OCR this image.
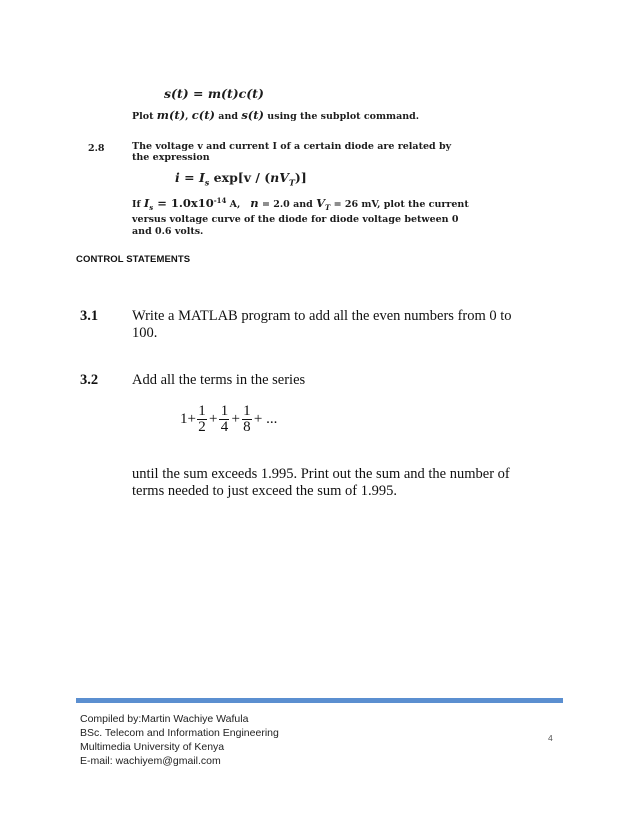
s(t) = m(t)c(t)
Plot m(t), c(t) and s(t) using the subplot command.
2.8	The voltage v and current I of a certain diode are related by the expression
$i = I_s$ $\exp[v / (nV_T)]$
If $I_s = 1.0x10^{-14}$ A, n = 2.0 and $V_T = 26$ mV, plot the current
versus voltage curve of the diode for diode voltage between 0 and 0.6 volts.
CONTROL STATEMENTS
3.1 Write a MATLAB program to add all the even numbers from 0 to 100.
3.2 Add all the terms in the series
$1+ \frac{1}{2} + \frac{1}{4} + \frac{1}{8}$ + ...
until the sum exceeds 1.995. Print out the sum and the number of terms needed to just exceed the sum of 1.995.
Compiled by:Martin Wachiye Wafula
BSc. Telecom and Information Engineering
Multimedia University of Kenya
E-mail: wachiyem@gmail.com
4
